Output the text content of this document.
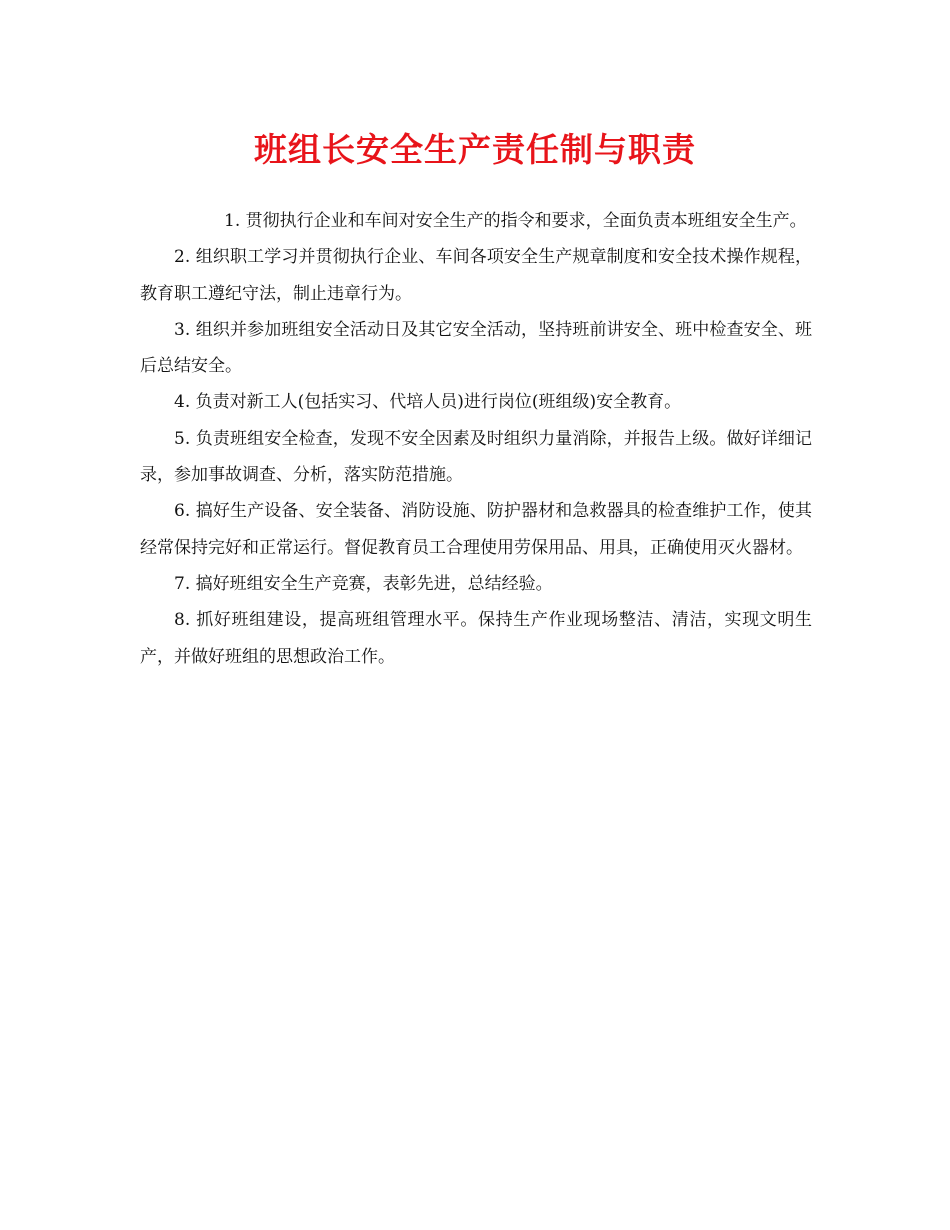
班组长安全生产责任制与职责

1. 贯彻执行企业和车间对安全生产的指令和要求，全面负责本班组安全生产。

2. 组织职工学习并贯彻执行企业、车间各项安全生产规章制度和安全技术操作规程，教育职工遵纪守法，制止违章行为。

3. 组织并参加班组安全活动日及其它安全活动，坚持班前讲安全、班中检查安全、班后总结安全。

4. 负责对新工人(包括实习、代培人员)进行岗位(班组级)安全教育。

5. 负责班组安全检查，发现不安全因素及时组织力量消除，并报告上级。做好详细记录，参加事故调查、分析，落实防范措施。

6. 搞好生产设备、安全装备、消防设施、防护器材和急救器具的检查维护工作，使其经常保持完好和正常运行。督促教育员工合理使用劳保用品、用具，正确使用灭火器材。

7. 搞好班组安全生产竞赛，表彰先进，总结经验。

8. 抓好班组建设，提高班组管理水平。保持生产作业现场整洁、清洁，实现文明生产，并做好班组的思想政治工作。
